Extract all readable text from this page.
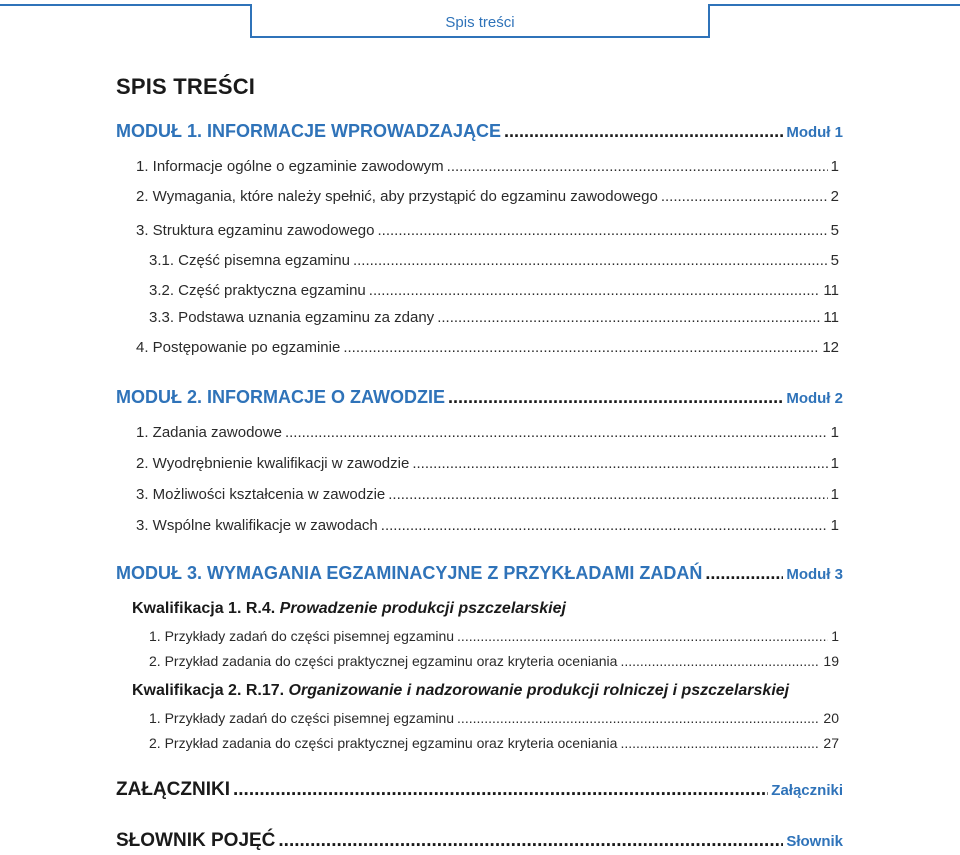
Spis treści
SPIS TREŚCI
MODUŁ 1. INFORMACJE WPROWADZAJĄCE .....	Moduł 1
1. Informacje ogólne o egzaminie zawodowym .....	1
2. Wymagania, które należy spełnić, aby przystąpić do egzaminu zawodowego .....	2
3. Struktura egzaminu zawodowego .....	5
3.1. Część pisemna egzaminu .....	5
3.2. Część praktyczna egzaminu .....	11
3.3. Podstawa uznania egzaminu za zdany .....	11
4. Postępowanie po egzaminie .....	12
MODUŁ 2. INFORMACJE O ZAWODZIE .....	Moduł 2
1. Zadania zawodowe .....	1
2. Wyodrębnienie kwalifikacji w zawodzie .....	1
3. Możliwości kształcenia w zawodzie .....	1
3. Wspólne kwalifikacje w zawodach .....	1
MODUŁ 3. WYMAGANIA EGZAMINACYJNE Z PRZYKŁADAMI ZADAŃ .....	Moduł 3
Kwalifikacja 1. R.4. Prowadzenie produkcji pszczelarskiej
1. Przykłady zadań do części pisemnej egzaminu .....	1
2. Przykład zadania do części praktycznej egzaminu oraz kryteria oceniania .....	19
Kwalifikacja 2. R.17. Organizowanie i nadzorowanie produkcji rolniczej i pszczelarskiej
1. Przykłady zadań do części pisemnej egzaminu .....	20
2. Przykład zadania do części praktycznej egzaminu oraz kryteria oceniania .....	27
ZAŁĄCZNIKI .....	Załączniki
SŁOWNIK POJĘĆ .....	Słownik
